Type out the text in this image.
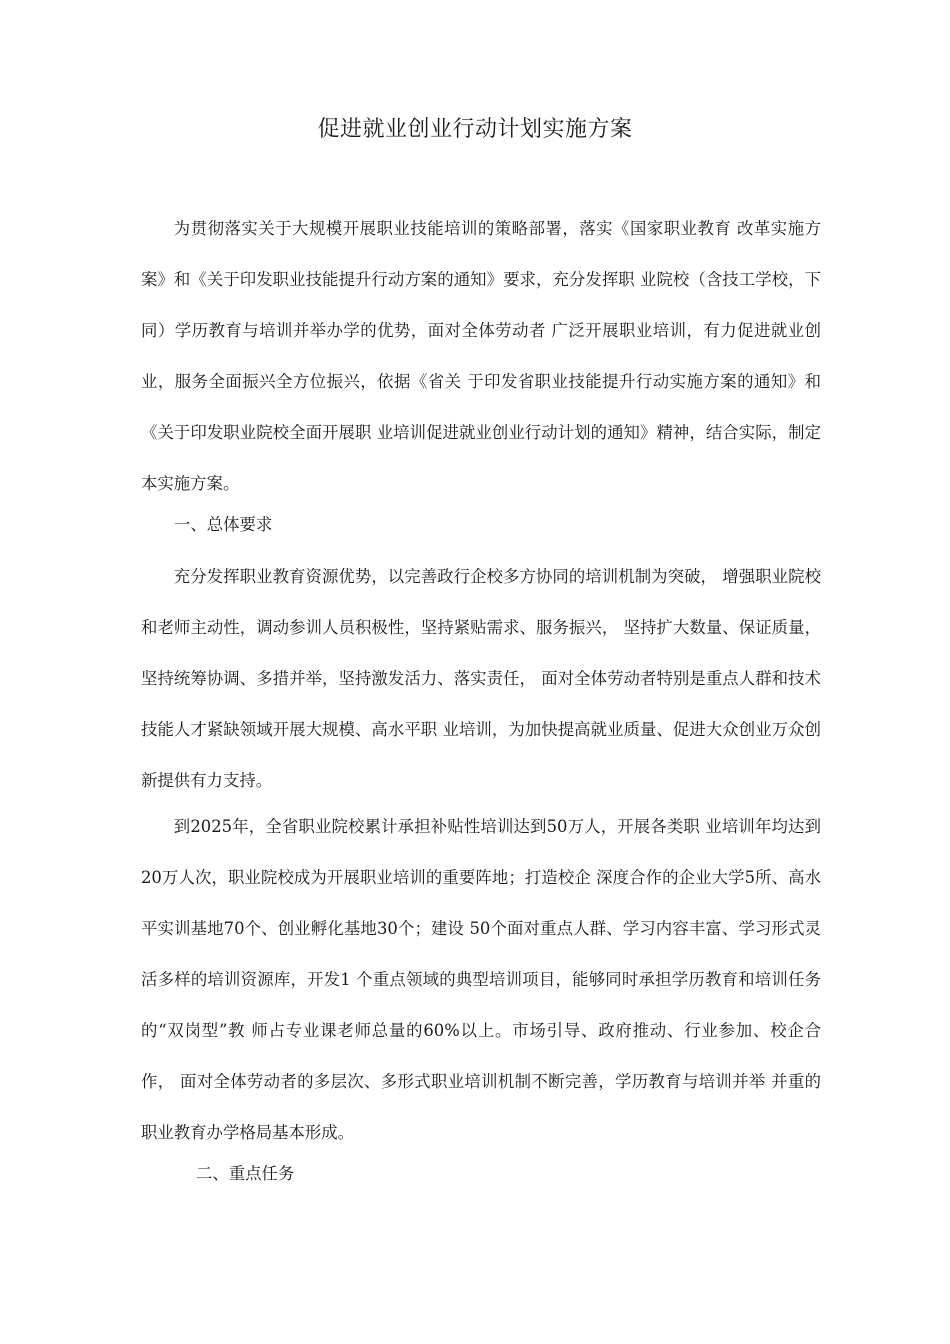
促进就业创业行动计划实施方案

为贯彻落实关于大规模开展职业技能培训的策略部署，落实《国家职业教育 改革实施方案》和《关于印发职业技能提升行动方案的通知》要求，充分发挥职 业院校（含技工学校，下同）学历教育与培训并举办学的优势，面对全体劳动者 广泛开展职业培训，有力促进就业创业，服务全面振兴全方位振兴，依据《省关 于印发省职业技能提升行动实施方案的通知》和《关于印发职业院校全面开展职 业培训促进就业创业行动计划的通知》精神，结合实际，制定本实施方案。

一、总体要求

充分发挥职业教育资源优势，以完善政行企校多方协同的培训机制为突破， 增强职业院校和老师主动性，调动参训人员积极性，坚持紧贴需求、服务振兴， 坚持扩大数量、保证质量，坚持统筹协调、多措并举，坚持激发活力、落实责任， 面对全体劳动者特别是重点人群和技术技能人才紧缺领域开展大规模、高水平职 业培训，为加快提高就业质量、促进大众创业万众创新提供有力支持。

到2025年，全省职业院校累计承担补贴性培训达到50万人，开展各类职 业培训年均达到20万人次，职业院校成为开展职业培训的重要阵地；打造校企 深度合作的企业大学5所、高水平实训基地70个、创业孵化基地30个；建设 50个面对重点人群、学习内容丰富、学习形式灵活多样的培训资源库，开发1 个重点领域的典型培训项目，能够同时承担学历教育和培训任务的“双岗型”教 师占专业课老师总量的60%以上。市场引导、政府推动、行业参加、校企合作， 面对全体劳动者的多层次、多形式职业培训机制不断完善，学历教育与培训并举 并重的职业教育办学格局基本形成。

二、重点任务
